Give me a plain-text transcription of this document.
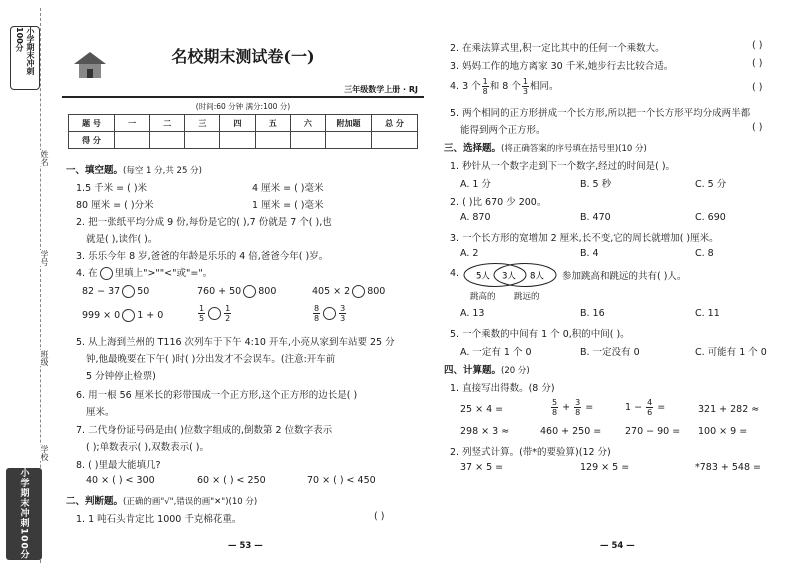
小学期末冲刺100分
姓名
学号
班级
学校
小学期末冲刺100分
名校期末测试卷(一)
三年级数学上册 · RJ
(时间:60 分钟 满分:100 分)
题 号	一	二	三	四	五	六	附加题	总 分
得 分								
一、填空题。(每空 1 分,共 25 分)
1.5 千米 = ( )米	4 厘米 = ( )毫米
80 厘米 = ( )分米	1 厘米 = ( )毫米
2. 把一张纸平均分成 9 份,每份是它的( ),7 份就是 7 个( ),也
就是( ),读作( )。
3. 乐乐今年 8 岁,爸爸的年龄是乐乐的 4 倍,爸爸今年( )岁。
4. 在 里填上">""<"或"="。
82 − 37 50	760 + 50 800	405 × 2 800
999 × 0 1 + 0	$\frac{1}{5} \frac{1}{2}$	$\frac{8}{8} \frac{3}{3}$
5. 从上海到兰州的 T116 次列车于下午 4:10 开车,小亮从家到车站要 25 分
钟,他最晚要在下午( )时( )分出发才不会误车。(注意:开车前
5 分钟停止检票)
6. 用一根 56 厘米长的彩带围成一个正方形,这个正方形的边长是( )
厘米。
7. 二代身份证号码是由( )位数字组成的,倒数第 2 位数字表示
( );单数表示( ),双数表示( )。
8. ( )里最大能填几?
40 × ( ) < 300	60 × ( ) < 250	70 × ( ) < 450
二、判断题。(正确的画"√",错误的画"✕")(10 分)
1. 1 吨石头肯定比 1000 千克棉花重。	( )
— 53 —
2. 在乘法算式里,积一定比其中的任何一个乘数大。	( )
3. 妈妈工作的地方离家 30 千米,她步行去比较合适。	( )
4. 3 个 $\frac{1}{8}$ 和 8 个 $\frac{1}{3}$ 相同。	( )
5. 两个相同的正方形拼成一个长方形,所以把一个长方形平均分成两半都
能得到两个正方形。	( )
三、选择题。(将正确答案的序号填在括号里)(10 分)
1. 秒针从一个数字走到下一个数字,经过的时间是( )。
A. 1 分	B. 5 秒	C. 5 分
2. ( )比 670 少 200。
A. 870	B. 470	C. 690
3. 一个长方形的宽增加 2 厘米,长不变,它的周长就增加( )厘米。
A. 2	B. 4	C. 8
4. 5人 3人 8人 参加跳高和跳远的共有( )人。
跳高的 跳远的
A. 13	B. 16	C. 11
5. 一个乘数的中间有 1 个 0,积的中间( )。
A. 一定有 1 个 0	B. 一定没有 0	C. 可能有 1 个 0
四、计算题。(20 分)
1. 直接写出得数。(8 分)
25 × 4 =	$\frac{5}{8} + \frac{3}{8}$ =	$1 - \frac{4}{6}$ =	321 + 282 ≈
298 × 3 ≈	460 + 250 =	270 − 90 = 100 × 9 =
2. 列竖式计算。(带*的要验算)(12 分)
37 × 5 =	129 × 5 =	*783 + 548 =
— 54 —
